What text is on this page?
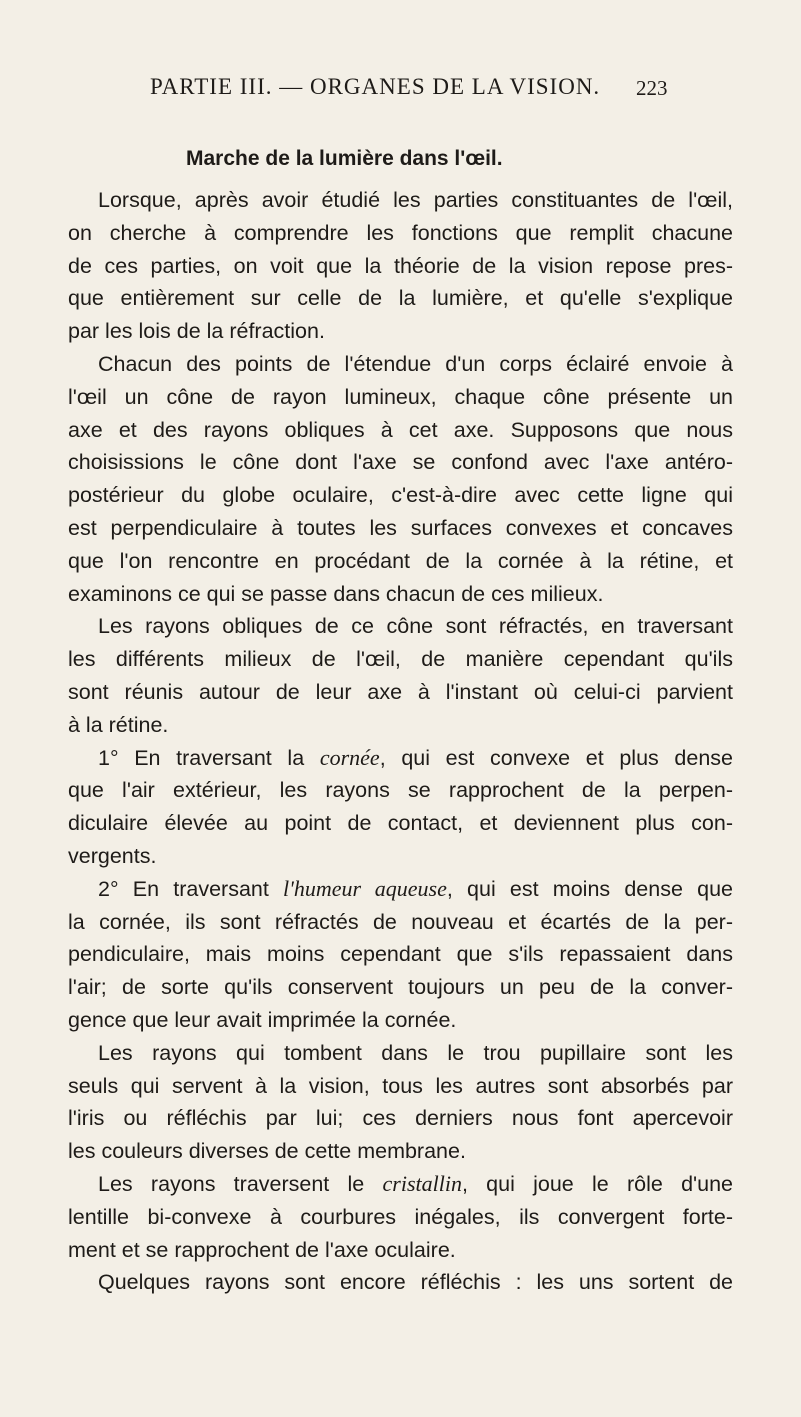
PARTIE III. — ORGANES DE LA VISION.	223
Marche de la lumière dans l'œil.
Lorsque, après avoir étudié les parties constituantes de l'œil,
on cherche à comprendre les fonctions que remplit chacune
de ces parties, on voit que la théorie de la vision repose pres-
que entièrement sur celle de la lumière, et qu'elle s'explique
par les lois de la réfraction.
Chacun des points de l'étendue d'un corps éclairé envoie à
l'œil un cône de rayon lumineux, chaque cône présente un
axe et des rayons obliques à cet axe. Supposons que nous
choisissions le cône dont l'axe se confond avec l'axe antéro-
postérieur du globe oculaire, c'est-à-dire avec cette ligne qui
est perpendiculaire à toutes les surfaces convexes et concaves
que l'on rencontre en procédant de la cornée à la rétine, et
examinons ce qui se passe dans chacun de ces milieux.
Les rayons obliques de ce cône sont réfractés, en traversant
les différents milieux de l'œil, de manière cependant qu'ils
sont réunis autour de leur axe à l'instant où celui-ci parvient
à la rétine.
1° En traversant la cornée, qui est convexe et plus dense
que l'air extérieur, les rayons se rapprochent de la perpen-
diculaire élevée au point de contact, et deviennent plus con-
vergents.
2° En traversant l'humeur aqueuse, qui est moins dense que
la cornée, ils sont réfractés de nouveau et écartés de la per-
pendiculaire, mais moins cependant que s'ils repassaient dans
l'air; de sorte qu'ils conservent toujours un peu de la conver-
gence que leur avait imprimée la cornée.
Les rayons qui tombent dans le trou pupillaire sont les
seuls qui servent à la vision, tous les autres sont absorbés par
l'iris ou réfléchis par lui; ces derniers nous font apercevoir
les couleurs diverses de cette membrane.
Les rayons traversent le cristallin, qui joue le rôle d'une
lentille bi-convexe à courbures inégales, ils convergent forte-
ment et se rapprochent de l'axe oculaire.
Quelques rayons sont encore réfléchis : les uns sortent de
